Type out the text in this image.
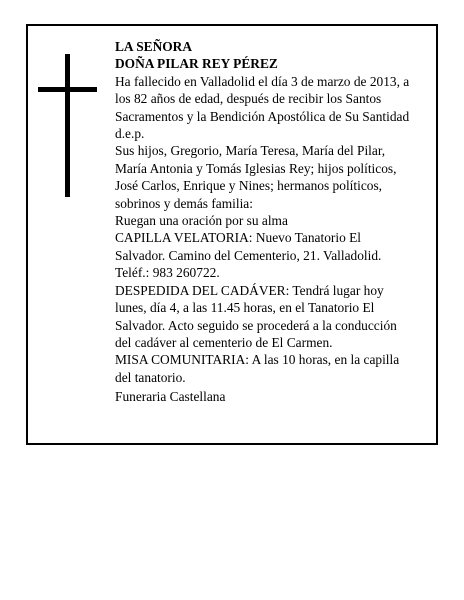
LA SEÑORA
DOÑA PILAR REY PÉREZ
Ha fallecido en Valladolid el día 3 de marzo de 2013, a
los 82 años de edad, después de recibir los Santos
Sacramentos y la Bendición Apostólica de Su Santidad
d.e.p.
Sus hijos, Gregorio, María Teresa, María del Pilar,
María Antonia y Tomás Iglesias Rey; hijos políticos,
José Carlos, Enrique y Nines; hermanos políticos,
sobrinos y demás familia:
Ruegan una oración por su alma
CAPILLA VELATORIA: Nuevo Tanatorio El
Salvador. Camino del Cementerio, 21. Valladolid.
Teléf.: 983 260722.
DESPEDIDA DEL CADÁVER: Tendrá lugar hoy
lunes, día 4, a las 11.45 horas, en el Tanatorio El
Salvador. Acto seguido se procederá a la conducción
del cadáver al cementerio de El Carmen.
MISA COMUNITARIA: A las 10 horas, en la capilla
del tanatorio.
Funeraria Castellana
